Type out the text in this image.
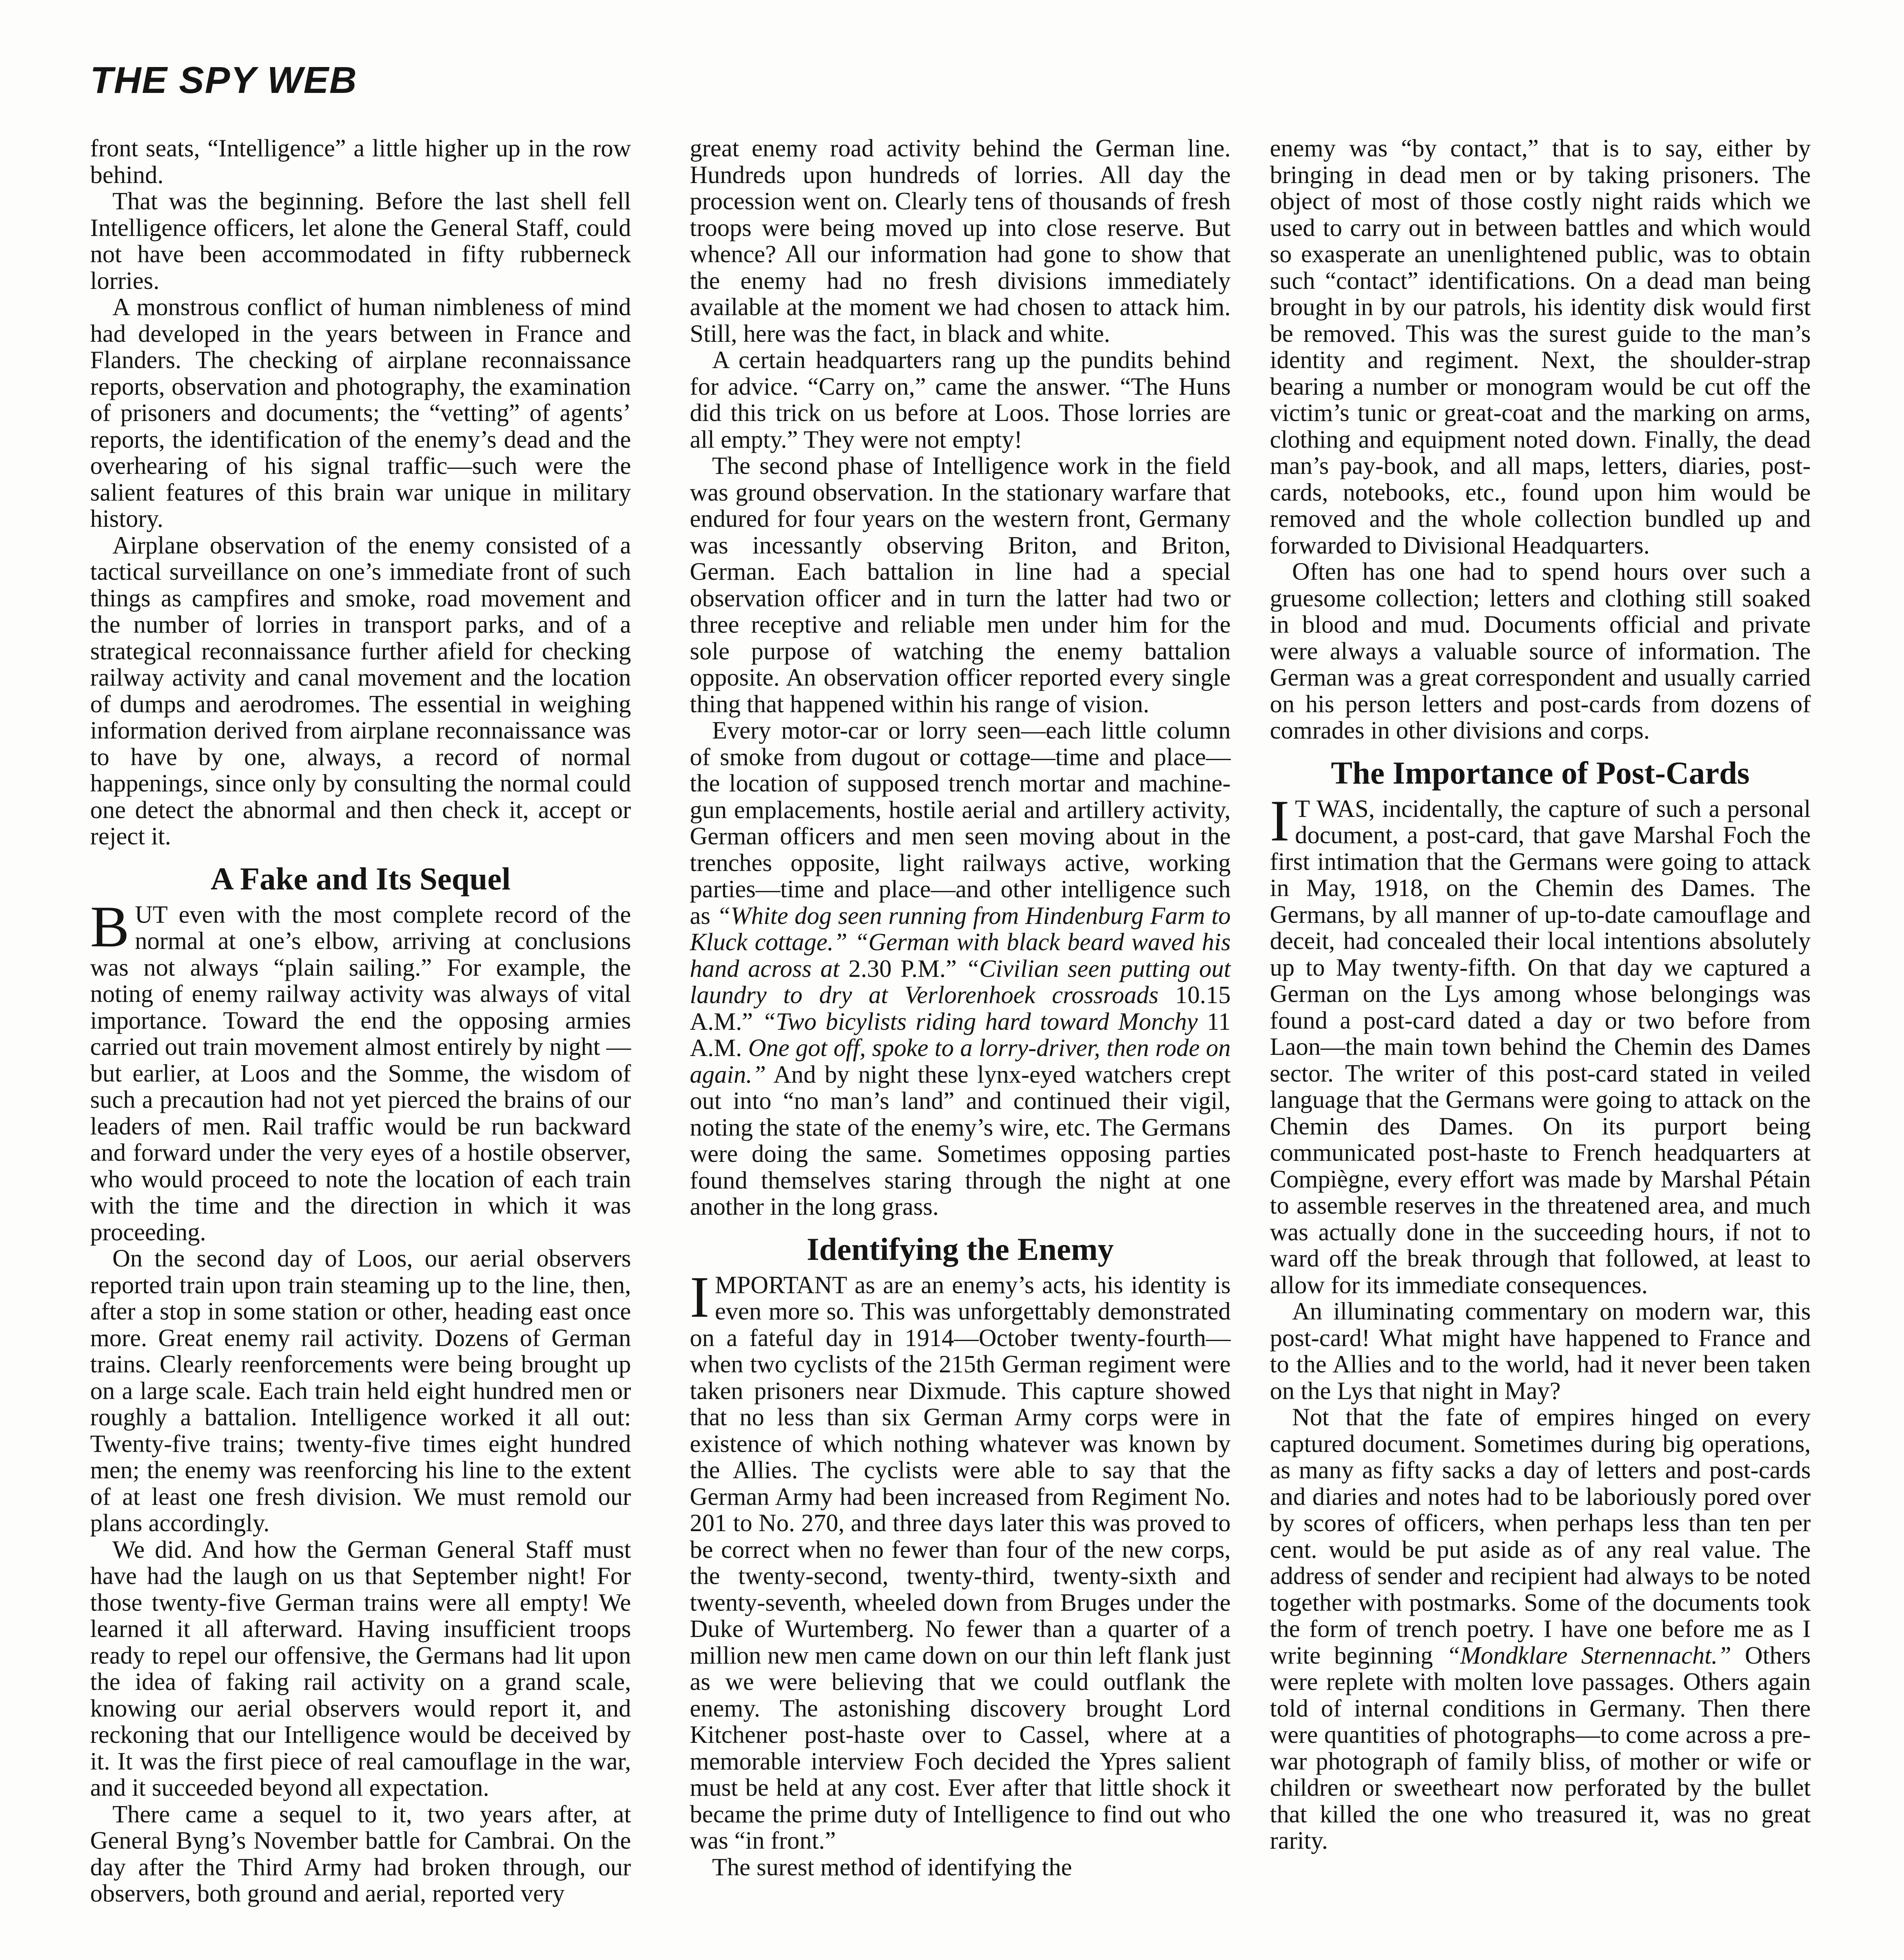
THE SPY WEB

front seats, “Intelligence” a little higher up in the row behind.

That was the beginning. Before the last shell fell Intelligence officers, let alone the General Staff, could not have been accommodated in fifty rubberneck lorries.

A monstrous conflict of human nimbleness of mind had developed in the years between in France and Flanders. The checking of airplane reconnaissance reports, observation and photography, the examination of prisoners and documents; the “vetting” of agents’ reports, the identification of the enemy’s dead and the overhearing of his signal traffic—such were the salient features of this brain war unique in military history.

Airplane observation of the enemy consisted of a tactical surveillance on one’s immediate front of such things as campfires and smoke, road movement and the number of lorries in transport parks, and of a strategical reconnaissance further afield for checking railway activity and canal movement and the location of dumps and aerodromes. The essential in weighing information derived from airplane reconnaissance was to have by one, always, a record of normal happenings, since only by consulting the normal could one detect the abnormal and then check it, accept or reject it.

A Fake and Its Sequel

BUT even with the most complete record of the normal at one’s elbow, arriving at conclusions was not always “plain sailing.” For example, the noting of enemy railway activity was always of vital importance. Toward the end the opposing armies carried out train movement almost entirely by night — but earlier, at Loos and the Somme, the wisdom of such a precaution had not yet pierced the brains of our leaders of men. Rail traffic would be run backward and forward under the very eyes of a hostile observer, who would proceed to note the location of each train with the time and the direction in which it was proceeding.

On the second day of Loos, our aerial observers reported train upon train steaming up to the line, then, after a stop in some station or other, heading east once more. Great enemy rail activity. Dozens of German trains. Clearly reenforcements were being brought up on a large scale. Each train held eight hundred men or roughly a battalion. Intelligence worked it all out: Twenty-five trains; twenty-five times eight hundred men; the enemy was reenforcing his line to the extent of at least one fresh division. We must remold our plans accordingly.

We did. And how the German General Staff must have had the laugh on us that September night! For those twenty-five German trains were all empty! We learned it all afterward. Having insufficient troops ready to repel our offensive, the Germans had lit upon the idea of faking rail activity on a grand scale, knowing our aerial observers would report it, and reckoning that our Intelligence would be deceived by it. It was the first piece of real camouflage in the war, and it succeeded beyond all expectation.

There came a sequel to it, two years after, at General Byng’s November battle for Cambrai. On the day after the Third Army had broken through, our observers, both ground and aerial, reported very

great enemy road activity behind the German line. Hundreds upon hundreds of lorries. All day the procession went on. Clearly tens of thousands of fresh troops were being moved up into close reserve. But whence? All our information had gone to show that the enemy had no fresh divisions immediately available at the moment we had chosen to attack him. Still, here was the fact, in black and white.

A certain headquarters rang up the pundits behind for advice. “Carry on,” came the answer. “The Huns did this trick on us before at Loos. Those lorries are all empty.” They were not empty!

The second phase of Intelligence work in the field was ground observation. In the stationary warfare that endured for four years on the western front, Germany was incessantly observing Briton, and Briton, German. Each battalion in line had a special observation officer and in turn the latter had two or three receptive and reliable men under him for the sole purpose of watching the enemy battalion opposite. An observation officer reported every single thing that happened within his range of vision.

Every motor-car or lorry seen—each little column of smoke from dugout or cottage—time and place—the location of supposed trench mortar and machine-gun emplacements, hostile aerial and artillery activity, German officers and men seen moving about in the trenches opposite, light railways active, working parties—time and place—and other intelligence such as “White dog seen running from Hindenburg Farm to Kluck cottage.” “German with black beard waved his hand across at 2.30 P.M.” “Civilian seen putting out laundry to dry at Verlorenhoek crossroads 10.15 A.M.” “Two bicylists riding hard toward Monchy 11 A.M. One got off, spoke to a lorry-driver, then rode on again.” And by night these lynx-eyed watchers crept out into “no man’s land” and continued their vigil, noting the state of the enemy’s wire, etc. The Germans were doing the same. Sometimes opposing parties found themselves staring through the night at one another in the long grass.

Identifying the Enemy

IMPORTANT as are an enemy’s acts, his identity is even more so. This was unforgettably demonstrated on a fateful day in 1914—October twenty-fourth—when two cyclists of the 215th German regiment were taken prisoners near Dixmude. This capture showed that no less than six German Army corps were in existence of which nothing whatever was known by the Allies. The cyclists were able to say that the German Army had been increased from Regiment No. 201 to No. 270, and three days later this was proved to be correct when no fewer than four of the new corps, the twenty-second, twenty-third, twenty-sixth and twenty-seventh, wheeled down from Bruges under the Duke of Wurtemberg. No fewer than a quarter of a million new men came down on our thin left flank just as we were believing that we could outflank the enemy. The astonishing discovery brought Lord Kitchener post-haste over to Cassel, where at a memorable interview Foch decided the Ypres salient must be held at any cost. Ever after that little shock it became the prime duty of Intelligence to find out who was “in front.”

The surest method of identifying the

enemy was “by contact,” that is to say, either by bringing in dead men or by taking prisoners. The object of most of those costly night raids which we used to carry out in between battles and which would so exasperate an unenlightened public, was to obtain such “contact” identifications. On a dead man being brought in by our patrols, his identity disk would first be removed. This was the surest guide to the man’s identity and regiment. Next, the shoulder-strap bearing a number or monogram would be cut off the victim’s tunic or great-coat and the marking on arms, clothing and equipment noted down. Finally, the dead man’s pay-book, and all maps, letters, diaries, post-cards, notebooks, etc., found upon him would be removed and the whole collection bundled up and forwarded to Divisional Headquarters.

Often has one had to spend hours over such a gruesome collection; letters and clothing still soaked in blood and mud. Documents official and private were always a valuable source of information. The German was a great correspondent and usually carried on his person letters and post-cards from dozens of comrades in other divisions and corps.

The Importance of Post-Cards

I T WAS, incidentally, the capture of such a personal document, a post-card, that gave Marshal Foch the first intimation that the Germans were going to attack in May, 1918, on the Chemin des Dames. The Germans, by all manner of up-to-date camouflage and deceit, had concealed their local intentions absolutely up to May twenty-fifth. On that day we captured a German on the Lys among whose belongings was found a post-card dated a day or two before from Laon—the main town behind the Chemin des Dames sector. The writer of this post-card stated in veiled language that the Germans were going to attack on the Chemin des Dames. On its purport being communicated post-haste to French headquarters at Compiègne, every effort was made by Marshal Pétain to assemble reserves in the threatened area, and much was actually done in the succeeding hours, if not to ward off the break through that followed, at least to allow for its immediate consequences.

An illuminating commentary on modern war, this post-card! What might have happened to France and to the Allies and to the world, had it never been taken on the Lys that night in May?

Not that the fate of empires hinged on every captured document. Sometimes during big operations, as many as fifty sacks a day of letters and post-cards and diaries and notes had to be laboriously pored over by scores of officers, when perhaps less than ten per cent. would be put aside as of any real value. The address of sender and recipient had always to be noted together with postmarks. Some of the documents took the form of trench poetry. I have one before me as I write beginning “Mondklare Sternennacht.” Others were replete with molten love passages. Others again told of internal conditions in Germany. Then there were quantities of photographs—to come across a pre-war photograph of family bliss, of mother or wife or children or sweetheart now perforated by the bullet that killed the one who treasured it, was no great rarity.
